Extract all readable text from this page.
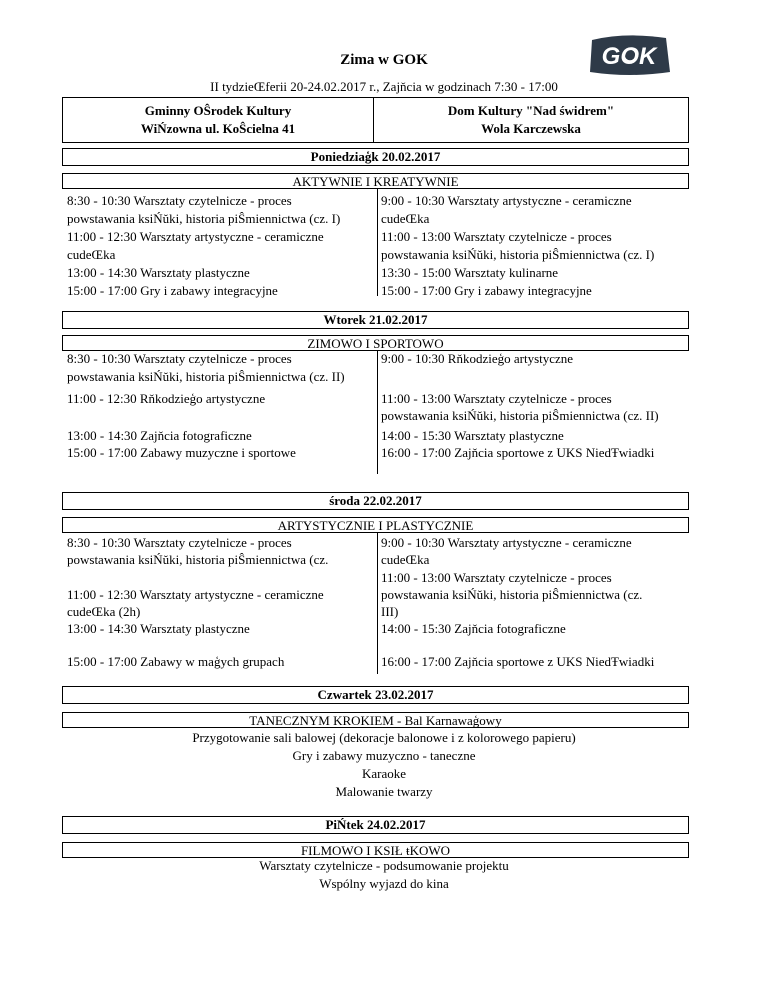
Zima w GOK
II tydzieŒferii 20-24.02.2017 r., Zajňcia w godzinach 7:30 - 17:00
GOK
Gminny OŜrodek Kultury
WiŃzowna ul. KoŜcielna 41
Dom Kultury "Nad świdrem"
Wola Karczewska
Poniedziaģk 20.02.2017
AKTYWNIE I KREATYWNIE
8:30 - 10:30 Warsztaty czytelnicze - proces
powstawania ksiŃŭki, historia piŜmiennictwa (cz. I)
11:00 - 12:30 Warsztaty artystyczne - ceramiczne
cudeŒka
13:00 - 14:30 Warsztaty plastyczne
15:00 - 17:00 Gry i zabawy integracyjne
9:00 - 10:30 Warsztaty artystyczne - ceramiczne
cudeŒka
11:00 - 13:00 Warsztaty czytelnicze - proces
powstawania ksiŃŭki, historia piŜmiennictwa (cz. I)
13:30 - 15:00 Warsztaty kulinarne
15:00 - 17:00 Gry i zabawy integracyjne
Wtorek 21.02.2017
ZIMOWO I SPORTOWO
8:30 - 10:30 Warsztaty czytelnicze - proces
powstawania ksiŃŭki, historia piŜmiennictwa (cz. II)
11:00 - 12:30 Rňkodzieģo artystyczne
13:00 - 14:30 Zajňcia fotograficzne
15:00 - 17:00 Zabawy muzyczne i sportowe
9:00 - 10:30 Rňkodzieģo artystyczne
11:00 - 13:00 Warsztaty czytelnicze - proces
powstawania ksiŃŭki, historia piŜmiennictwa (cz. II)
14:00 - 15:30 Warsztaty plastyczne
16:00 - 17:00 Zajňcia sportowe z UKS NiedŦwiadki
środa 22.02.2017
ARTYSTYCZNIE I PLASTYCZNIE
8:30 - 10:30 Warsztaty czytelnicze - proces
powstawania ksiŃŭki, historia piŜmiennictwa (cz.
11:00 - 12:30 Warsztaty artystyczne - ceramiczne
cudeŒka (2h)
13:00 - 14:30 Warsztaty plastyczne
15:00 - 17:00 Zabawy w maģych grupach
9:00 - 10:30 Warsztaty artystyczne - ceramiczne
cudeŒka
11:00 - 13:00 Warsztaty czytelnicze - proces
powstawania ksiŃŭki, historia piŜmiennictwa (cz.
III)
14:00 - 15:30 Zajňcia fotograficzne
16:00 - 17:00 Zajňcia sportowe z UKS NiedŦwiadki
Czwartek 23.02.2017
TANECZNYM KROKIEM - Bal Karnawaģowy
Przygotowanie sali balowej (dekoracje balonowe i z kolorowego papieru)
Gry i zabawy muzyczno - taneczne
Karaoke
Malowanie twarzy
PiŃtek 24.02.2017
FILMOWO I KSIŁ ŧKOWO
Warsztaty czytelnicze - podsumowanie projektu
Wspólny wyjazd do kina
